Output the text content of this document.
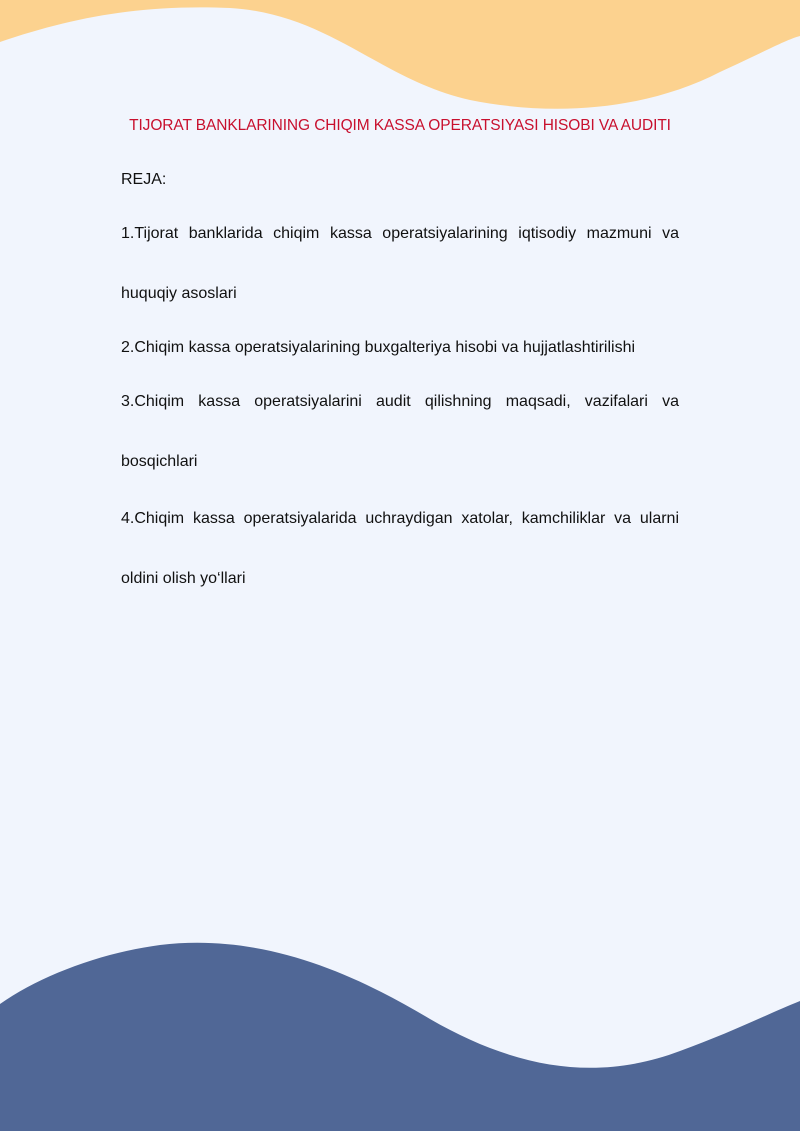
TIJORAT BANKLARINING CHIQIM KASSA OPERATSIYASI HISOBI VA AUDITI

REJA:

1.Tijorat banklarida chiqim kassa operatsiyalarining iqtisodiy mazmuni va huquqiy asoslari
2.Chiqim kassa operatsiyalarining buxgalteriya hisobi va hujjatlashtirilishi
3.Chiqim kassa operatsiyalarini audit qilishning maqsadi, vazifalari va bosqichlari
4.Chiqim kassa operatsiyalarida uchraydigan xatolar, kamchiliklar va ularni oldini olish yo‘llari
